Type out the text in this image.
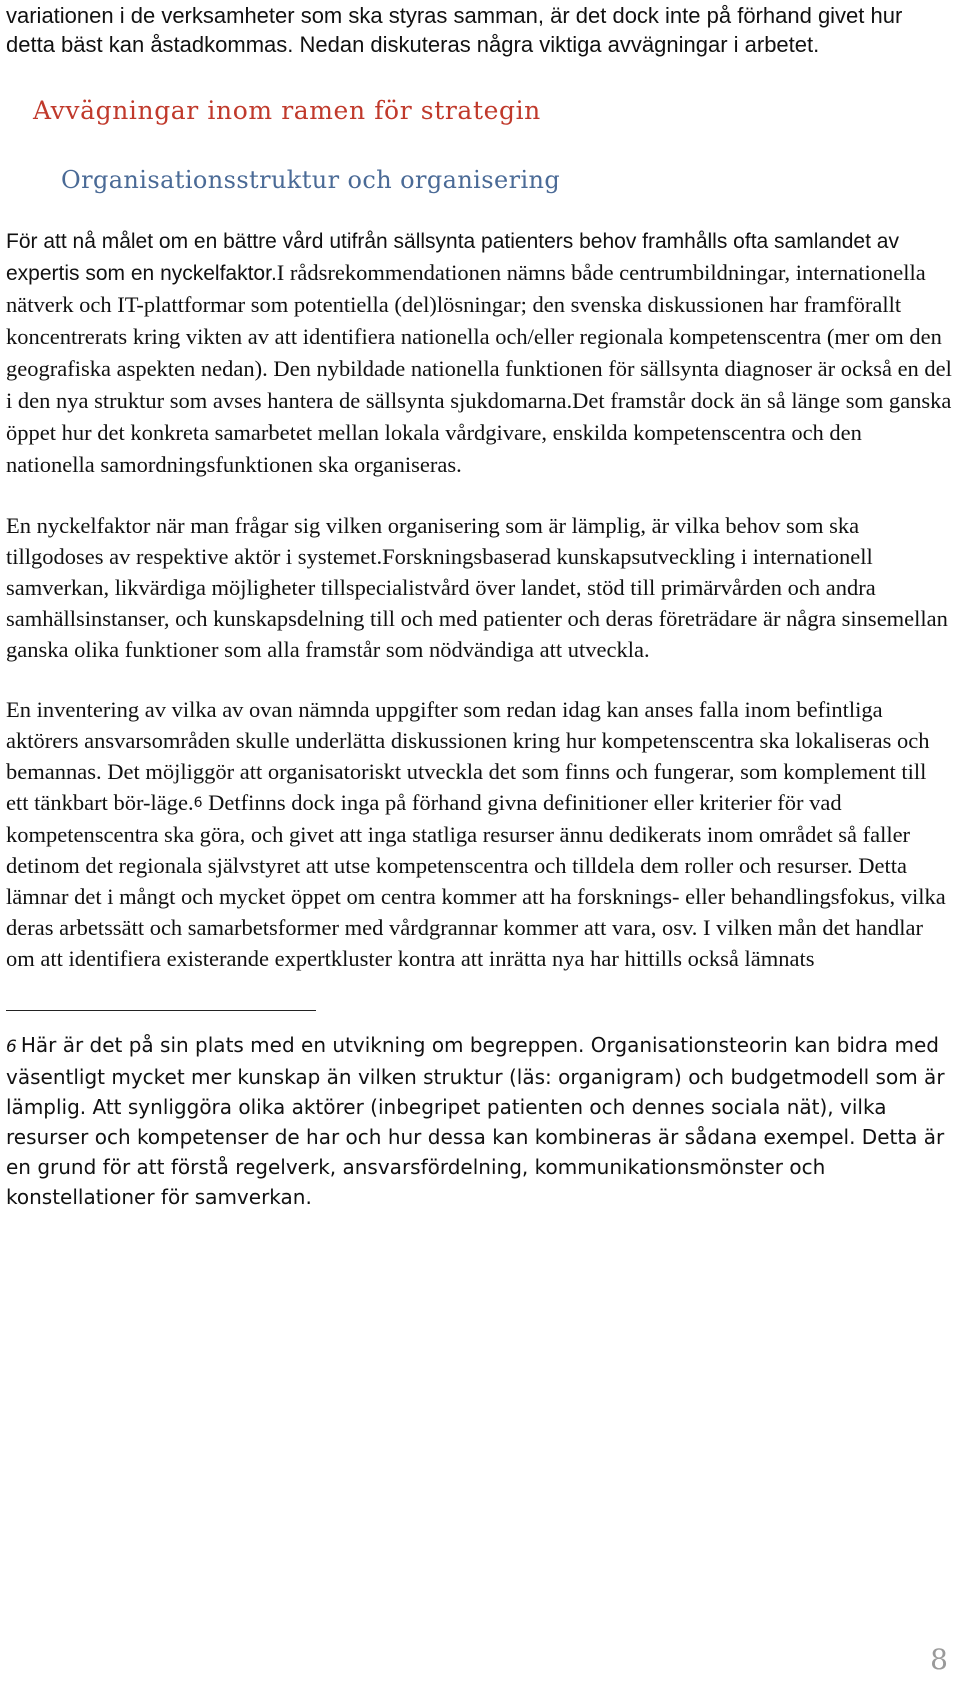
variationen i de verksamheter som ska styras samman, är det dock inte på förhand givet hur detta bäst kan åstadkommas. Nedan diskuteras några viktiga avvägningar i arbetet.

Avvägningar inom ramen för strategin
Organisationsstruktur och organisering

För att nå målet om en bättre vård utifrån sällsynta patienters behov framhålls ofta samlandet av expertis som en nyckelfaktor.I rådsrekommendationen nämns både centrumbildningar, internationella nätverk och IT-plattformar som potentiella (del)lösningar; den svenska diskussionen har framförallt koncentrerats kring vikten av att identifiera nationella och/eller regionala kompetenscentra (mer om den geografiska aspekten nedan). Den nybildade nationella funktionen för sällsynta diagnoser är också en del i den nya struktur som avses hantera de sällsynta sjukdomarna.Det framstår dock än så länge som ganska öppet hur det konkreta samarbetet mellan lokala vårdgivare, enskilda kompetenscentra och den nationella samordningsfunktionen ska organiseras.

En nyckelfaktor när man frågar sig vilken organisering som är lämplig, är vilka behov som ska tillgodoses av respektive aktör i systemet.Forskningsbaserad kunskapsutveckling i internationell samverkan, likvärdiga möjligheter tillspecialistvård över landet, stöd till primärvården och andra samhällsinstanser, och kunskapsdelning till och med patienter och deras företrädare är några sinsemellan ganska olika funktioner som alla framstår som nödvändiga att utveckla.

En inventering av vilka av ovan nämnda uppgifter som redan idag kan anses falla inom befintliga aktörers ansvarsområden skulle underlätta diskussionen kring hur kompetenscentra ska lokaliseras och bemannas. Det möjliggör att organisatoriskt utveckla det som finns och fungerar, som komplement till ett tänkbart bör-läge.6 Detfinns dock inga på förhand givna definitioner eller kriterier för vad kompetenscentra ska göra, och givet att inga statliga resurser ännu dedikerats inom området så faller detinom det regionala självstyret att utse kompetenscentra och tilldela dem roller och resurser. Detta lämnar det i mångt och mycket öppet om centra kommer att ha forsknings- eller behandlingsfokus, vilka deras arbetssätt och samarbetsformer med vårdgrannar kommer att vara, osv. I vilken mån det handlar om att identifiera existerande expertkluster kontra att inrätta nya har hittills också lämnats

6 Här är det på sin plats med en utvikning om begreppen. Organisationsteorin kan bidra med väsentligt mycket mer kunskap än vilken struktur (läs: organigram) och budgetmodell som är lämplig. Att synliggöra olika aktörer (inbegripet patienten och dennes sociala nät), vilka resurser och kompetenser de har och hur dessa kan kombineras är sådana exempel. Detta är en grund för att förstå regelverk, ansvarsfördelning, kommunikationsmönster och konstellationer för samverkan.

8
